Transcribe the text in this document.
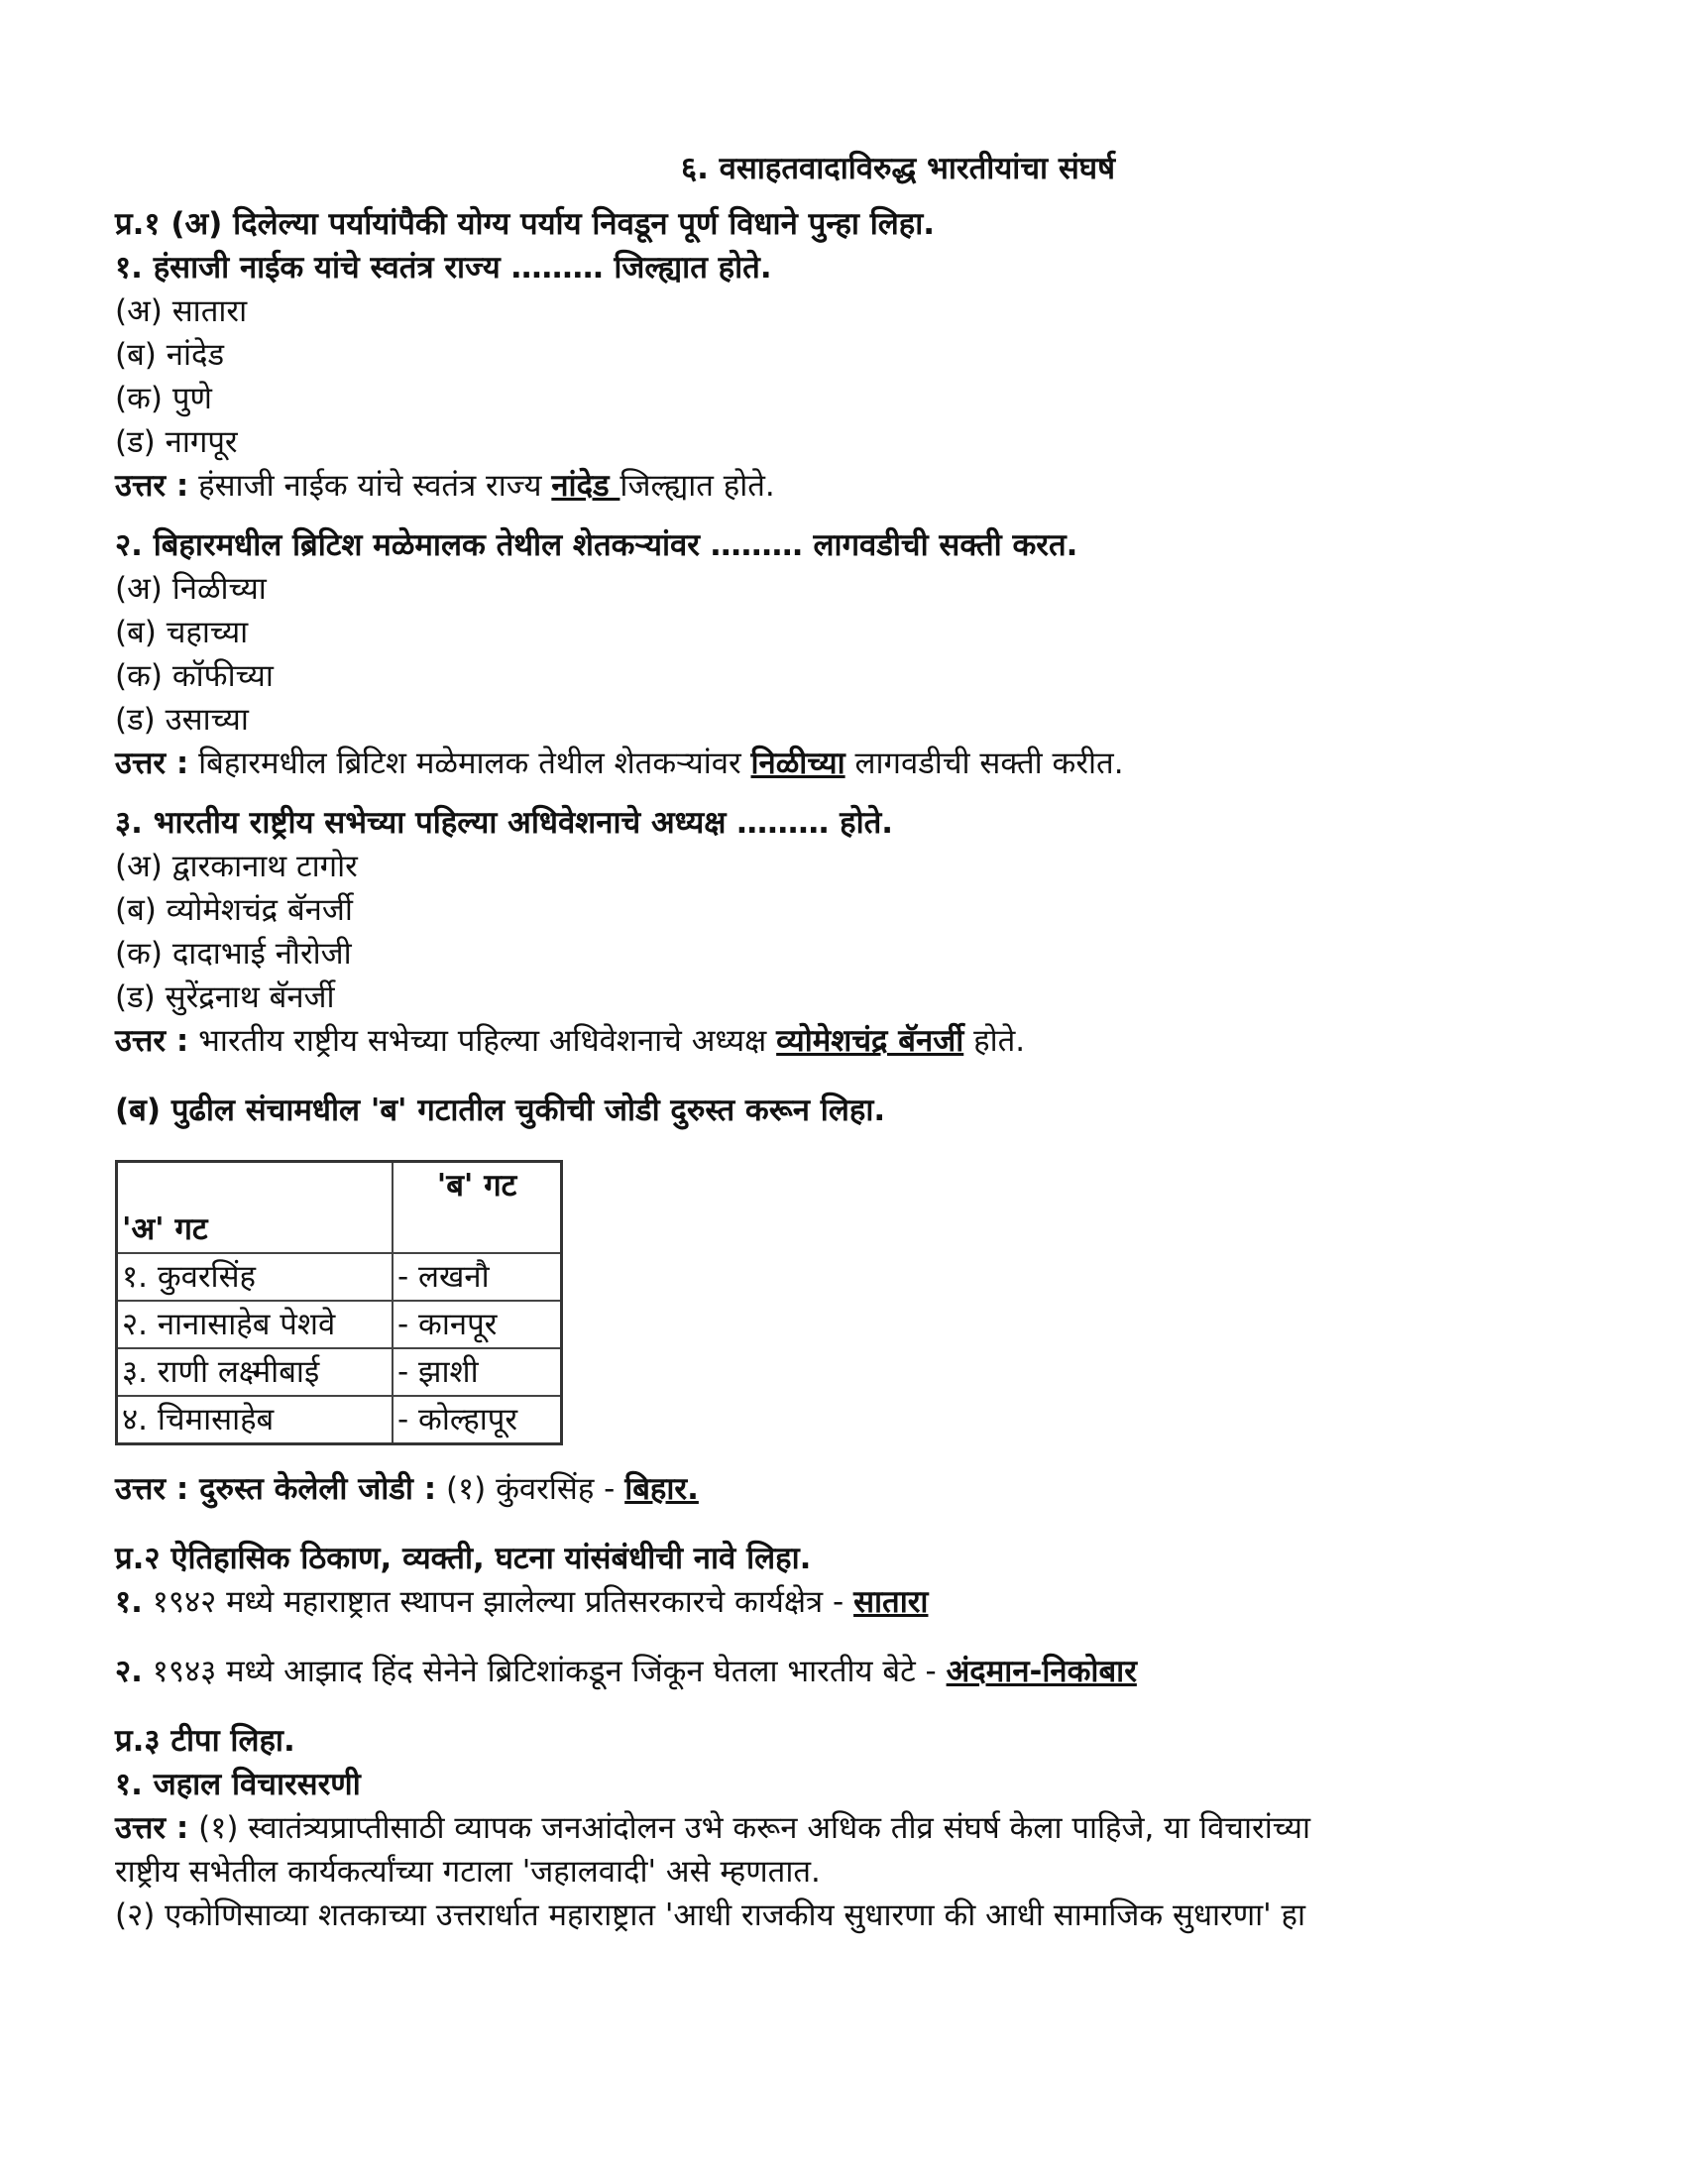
६. वसाहतवादाविरुद्ध भारतीयांचा संघर्ष
प्र.१ (अ) दिलेल्या पर्यायांपैकी योग्य पर्याय निवडून पूर्ण विधाने पुन्हा लिहा.
१. हंसाजी नाईक यांचे स्वतंत्र राज्य ……… जिल्ह्यात होते.
(अ) सातारा
(ब) नांदेड
(क) पुणे
(ड) नागपूर
उत्तर : हंसाजी नाईक यांचे स्वतंत्र राज्य नांदेड जिल्ह्यात होते.
२. बिहारमधील ब्रिटिश मळेमालक तेथील शेतकऱ्यांवर ……… लागवडीची सक्ती करत.
(अ) निळीच्या
(ब) चहाच्या
(क) कॉफीच्या
(ड) उसाच्या
उत्तर : बिहारमधील ब्रिटिश मळेमालक तेथील शेतकऱ्यांवर निळीच्या लागवडीची सक्ती करीत.
३. भारतीय राष्ट्रीय सभेच्या पहिल्या अधिवेशनाचे अध्यक्ष ……… होते.
(अ) द्वारकानाथ टागोर
(ब) व्योमेशचंद्र बॅनर्जी
(क) दादाभाई नौरोजी
(ड) सुरेंद्रनाथ बॅनर्जी
उत्तर : भारतीय राष्ट्रीय सभेच्या पहिल्या अधिवेशनाचे अध्यक्ष व्योमेशचंद्र बॅनर्जी होते.
(ब) पुढील संचामधील 'ब' गटातील चुकीची जोडी दुरुस्त करून लिहा.
'अ' गट	'ब' गट
१. कुवरसिंह	- लखनौ
२. नानासाहेब पेशवे	- कानपूर
३. राणी लक्ष्मीबाई	- झाशी
४. चिमासाहेब	- कोल्हापूर
उत्तर : दुरुस्त केलेली जोडी : (१) कुंवरसिंह - बिहार.
प्र.२ ऐतिहासिक ठिकाण, व्यक्ती, घटना यांसंबंधीची नावे लिहा.
१. १९४२ मध्ये महाराष्ट्रात स्थापन झालेल्या प्रतिसरकारचे कार्यक्षेत्र - सातारा
२. १९४३ मध्ये आझाद हिंद सेनेने ब्रिटिशांकडून जिंकून घेतला भारतीय बेटे - अंदमान-निकोबार
प्र.३ टीपा लिहा.
१. जहाल विचारसरणी
उत्तर : (१) स्वातंत्र्यप्राप्तीसाठी व्यापक जनआंदोलन उभे करून अधिक तीव्र संघर्ष केला पाहिजे, या विचारांच्या
राष्ट्रीय सभेतील कार्यकर्त्यांच्या गटाला 'जहालवादी' असे म्हणतात.
(२) एकोणिसाव्या शतकाच्या उत्तरार्धात महाराष्ट्रात 'आधी राजकीय सुधारणा की आधी सामाजिक सुधारणा' हा
